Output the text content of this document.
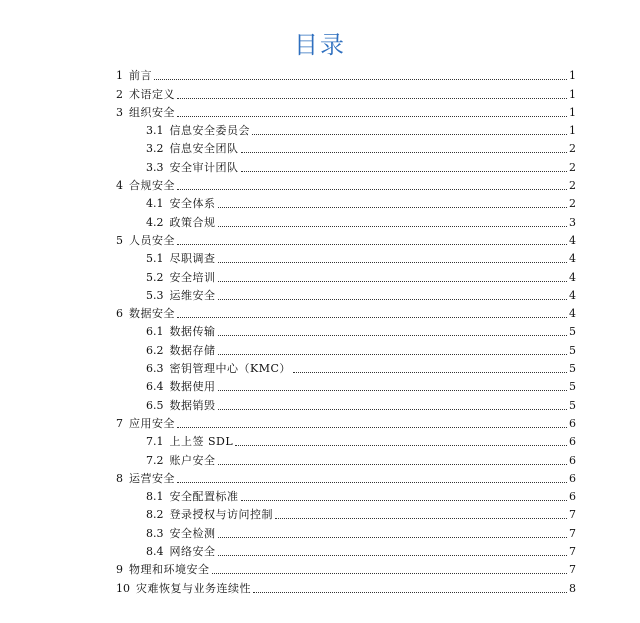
目录
1 前言	1
2 术语定义	1
3 组织安全	1
3.1 信息安全委员会	1
3.2 信息安全团队	2
3.3 安全审计团队	2
4 合规安全	2
4.1 安全体系	2
4.2 政策合规	3
5 人员安全	4
5.1 尽职调查	4
5.2 安全培训	4
5.3 运维安全	4
6 数据安全	4
6.1 数据传输	5
6.2 数据存储	5
6.3 密钥管理中心（KMC）	5
6.4 数据使用	5
6.5 数据销毁	5
7 应用安全	6
7.1 上上签 SDL	6
7.2 账户安全	6
8 运营安全	6
8.1 安全配置标准	6
8.2 登录授权与访问控制	7
8.3 安全检测	7
8.4 网络安全	7
9 物理和环境安全	7
10 灾难恢复与业务连续性	8
